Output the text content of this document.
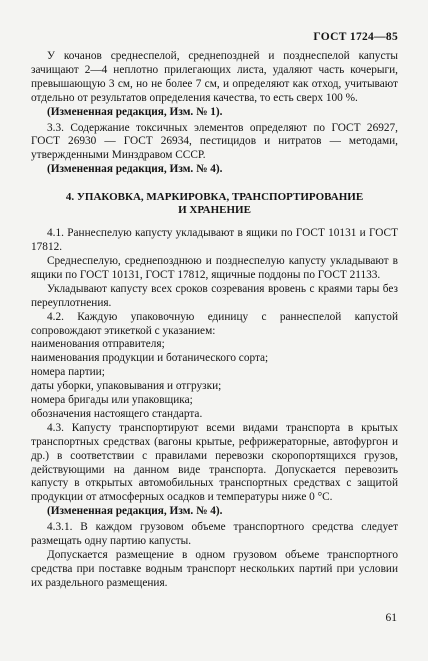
ГОСТ 1724—85

У кочанов среднеспелой, среднепоздней и позднеспелой капусты зачищают 2—4 неплотно прилегающих листа, удаляют часть кочерыги, превышающую 3 см, но не более 7 см, и определяют как отход, учитывают отдельно от результатов определения качества, то есть сверх 100 %.

(Измененная редакция, Изм. № 1).

3.3. Содержание токсичных элементов определяют по ГОСТ 26927, ГОСТ 26930 — ГОСТ 26934, пестицидов и нитратов — методами, утвержденными Минздравом СССР.

(Измененная редакция, Изм. № 4).

4. УПАКОВКА, МАРКИРОВКА, ТРАНСПОРТИРОВАНИЕ
И ХРАНЕНИЕ

4.1. Раннеспелую капусту укладывают в ящики по ГОСТ 10131 и ГОСТ 17812.

Среднеспелую, среднепозднюю и позднеспелую капусту укладывают в ящики по ГОСТ 10131, ГОСТ 17812, ящичные поддоны по ГОСТ 21133.

Укладывают капусту всех сроков созревания вровень с краями тары без переуплотнения.

4.2. Каждую упаковочную единицу с раннеспелой капустой сопровождают этикеткой с указанием:

наименования отправителя;
наименования продукции и ботанического сорта;
номера партии;
даты уборки, упаковывания и отгрузки;
номера бригады или упаковщика;
обозначения настоящего стандарта.

4.3. Капусту транспортируют всеми видами транспорта в крытых транспортных средствах (вагоны крытые, рефрижераторные, автофургон и др.) в соответствии с правилами перевозки скоропортящихся грузов, действующими на данном виде транспорта. Допускается перевозить капусту в открытых автомобильных транспортных средствах с защитой продукции от атмосферных осадков и температуры ниже 0 °С.

(Измененная редакция, Изм. № 4).

4.3.1. В каждом грузовом объеме транспортного средства следует размещать одну партию капусты.

Допускается размещение в одном грузовом объеме транспортного средства при поставке водным транспорт нескольких партий при условии их раздельного размещения.

61
